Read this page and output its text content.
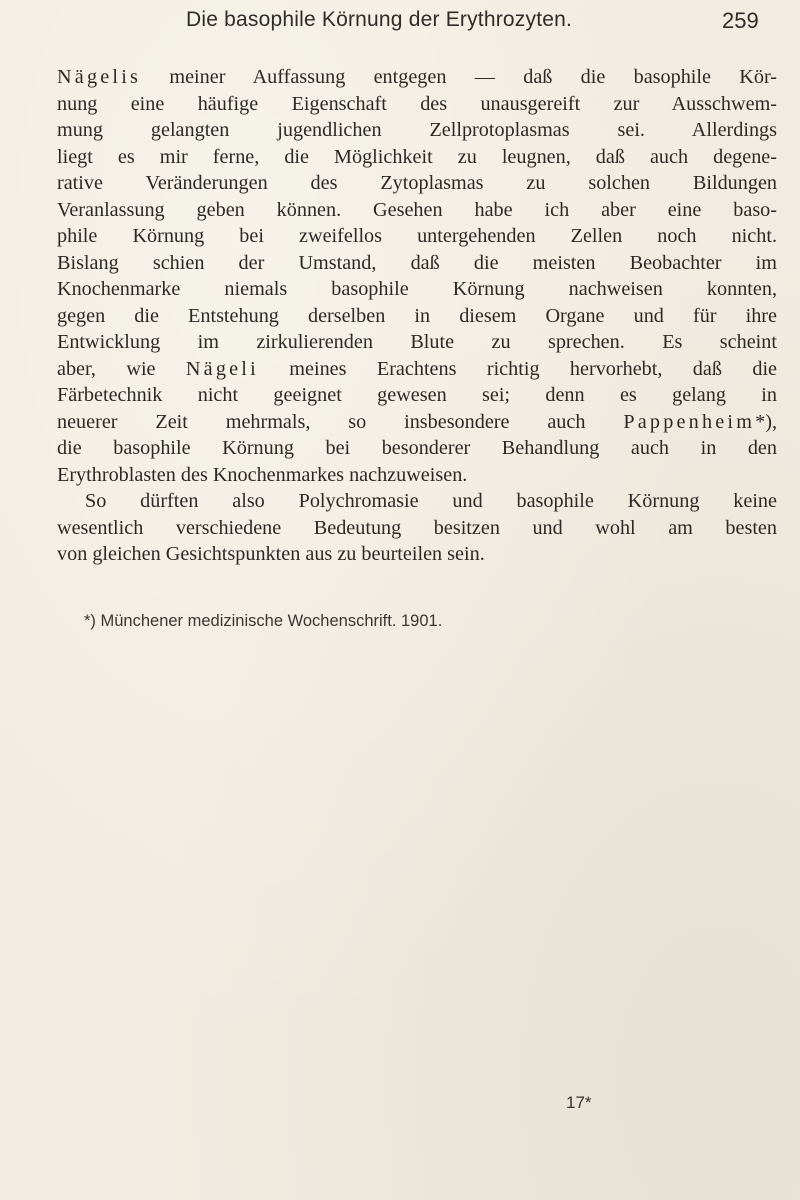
Die basophile Körnung der Erythrozyten.	259
Nägelis meiner Auffassung entgegen — daß die basophile Kör-
nung eine häufige Eigenschaft des unausgereift zur Ausschwem-
mung gelangten jugendlichen Zellprotoplasmas sei. Allerdings
liegt es mir ferne, die Möglichkeit zu leugnen, daß auch degene-
rative Veränderungen des Zytoplasmas zu solchen Bildungen
Veranlassung geben können. Gesehen habe ich aber eine baso-
phile Körnung bei zweifellos untergehenden Zellen noch nicht.
Bislang schien der Umstand, daß die meisten Beobachter im
Knochenmarke niemals basophile Körnung nachweisen konnten,
gegen die Entstehung derselben in diesem Organe und für ihre
Entwicklung im zirkulierenden Blute zu sprechen. Es scheint
aber, wie Nägeli meines Erachtens richtig hervorhebt, daß die
Färbetechnik nicht geeignet gewesen sei; denn es gelang in
neuerer Zeit mehrmals, so insbesondere auch Pappenheim*),
die basophile Körnung bei besonderer Behandlung auch in den
Erythroblasten des Knochenmarkes nachzuweisen.
So dürften also Polychromasie und basophile Körnung keine
wesentlich verschiedene Bedeutung besitzen und wohl am besten
von gleichen Gesichtspunkten aus zu beurteilen sein.

*) Münchener medizinische Wochenschrift. 1901.

17*
